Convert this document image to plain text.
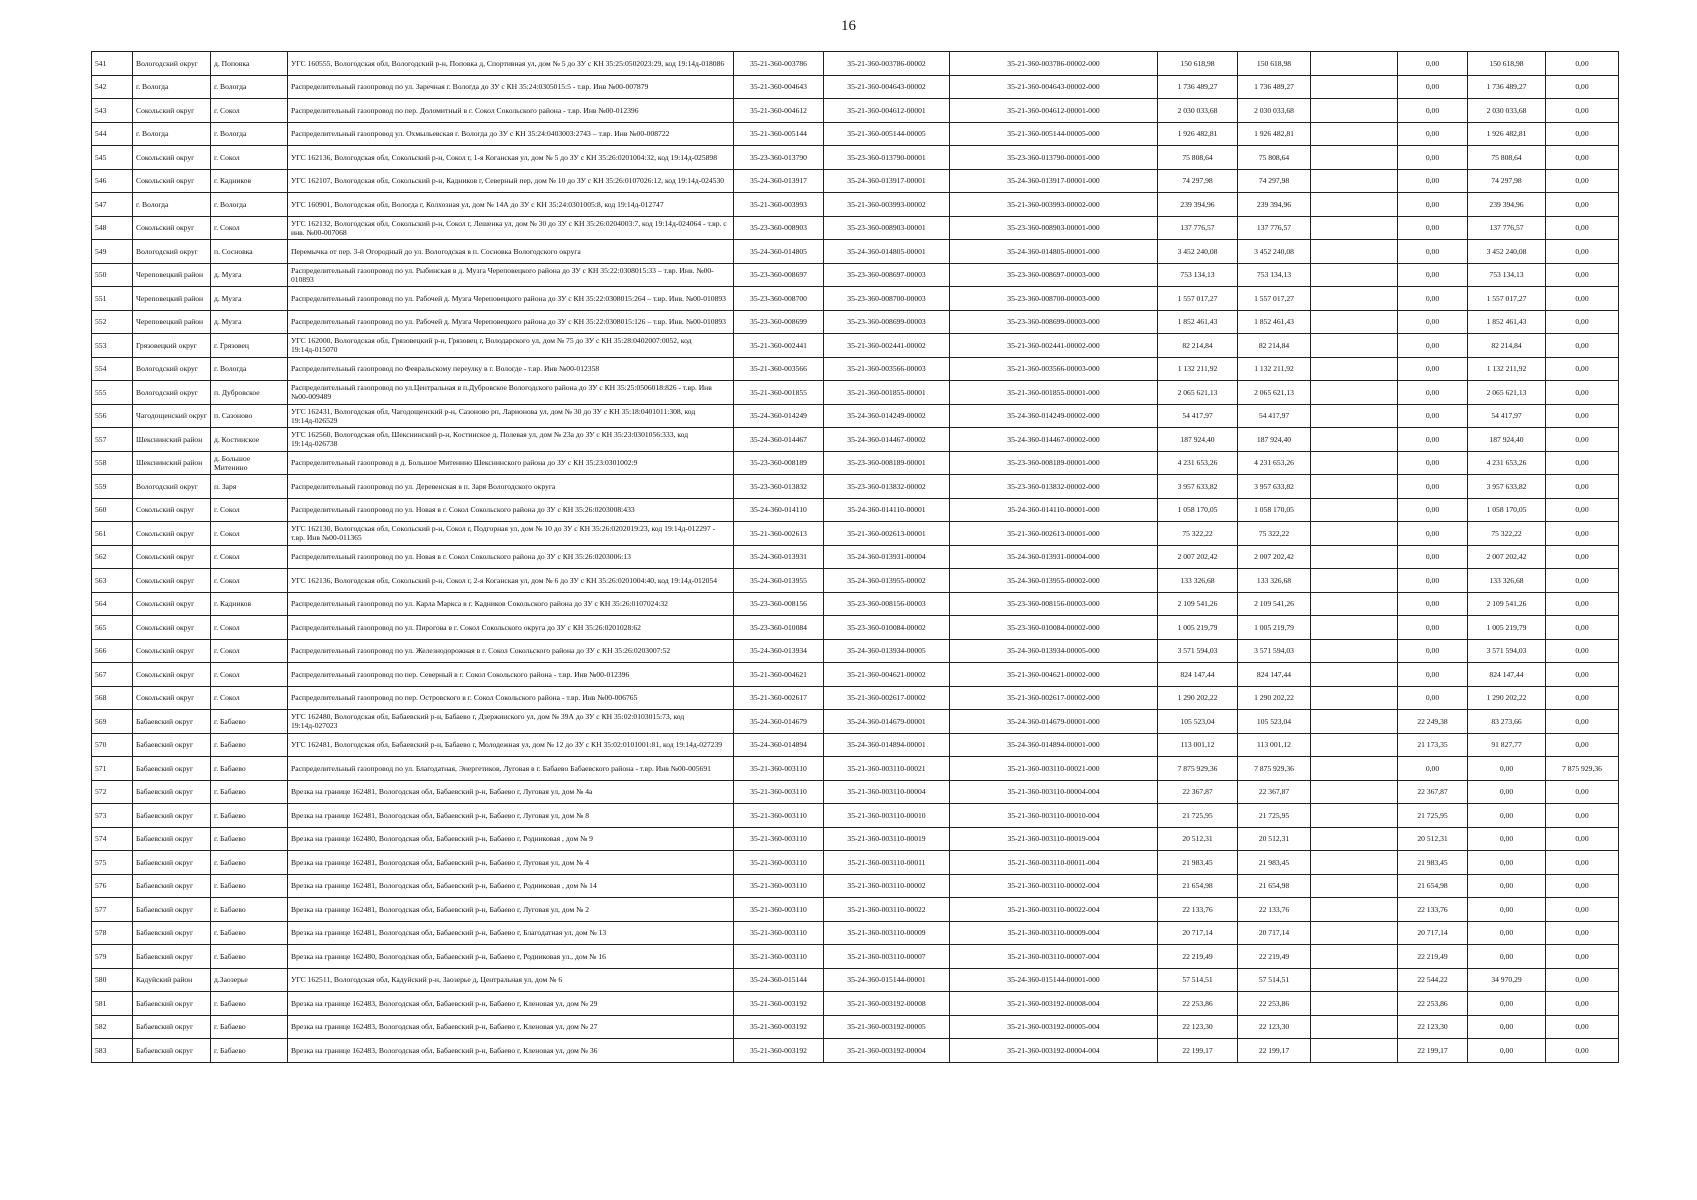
16
541	Вологодский округ	д. Поповка	УГС 160555, Вологодская обл, Вологодский р-н, Поповка д, Спортивная ул, дом № 5 до ЗУ с КН 35:25:0502023:29, код 19:14д-018086	35-21-360-003786	35-21-360-003786-00002	35-21-360-003786-00002-000	150 618,98	150 618,98		0,00	150 618,98	0,00
542	г. Вологда	г. Вологда	Распределительный газопровод по ул. Заречная г. Вологда до ЗУ с КН 35:24:0305015:5 - т.вр. Инв №00-007879	35-21-360-004643	35-21-360-004643-00002	35-21-360-004643-00002-000	1 736 489,27	1 736 489,27		0,00	1 736 489,27	0,00
543	Сокольский округ	г. Сокол	Распределительный газопровод по пер. Доломитный в г. Сокол Сокольского района - т.вр. Инв №00-012396	35-21-360-004612	35-21-360-004612-00001	35-21-360-004612-00001-000	2 030 033,68	2 030 033,68		0,00	2 030 033,68	0,00
544	г. Вологда	г. Вологда	Распределительный газопровод ул. Охмыльевская г. Вологда до ЗУ с КН 35:24:0403003:2743 – т.вр. Инв №00-008722	35-21-360-005144	35-21-360-005144-00005	35-21-360-005144-00005-000	1 926 482,81	1 926 482,81		0,00	1 926 482,81	0,00
545	Сокольский округ	г. Сокол	УГС 162136, Вологодская обл, Сокольский р-н, Сокол г, 1-я Коганская ул, дом № 5 до ЗУ с КН 35:26:0201004:32, код 19:14д-025898	35-23-360-013790	35-23-360-013790-00001	35-23-360-013790-00001-000	75 808,64	75 808,64		0,00	75 808,64	0,00
546	Сокольский округ	г. Кадников	УГС 162107, Вологодская обл, Сокольский р-н, Кадников г, Северный пер, дом № 10 до ЗУ с КН 35:26:0107026:12, код 19:14д-024530	35-24-360-013917	35-24-360-013917-00001	35-24-360-013917-00001-000	74 297,98	74 297,98		0,00	74 297,98	0,00
547	г. Вологда	г. Вологда	УГС 160901, Вологодская обл, Вологда г, Колхозная ул, дом № 14А до ЗУ с КН 35:24:0301005:8, код 19:14д-012747	35-21-360-003993	35-21-360-003993-00002	35-21-360-003993-00002-000	239 394,96	239 394,96		0,00	239 394,96	0,00
548	Сокольский округ	г. Сокол	УГС 162132, Вологодская обл, Сокольский р-н, Сокол г, Лешенка ул, дом № 30 до ЗУ с КН 35:26:0204003:7, код 19:14д-024064 - т.вр. с инв. №00-007068	35-23-360-008903	35-23-360-008903-00001	35-23-360-008903-00001-000	137 776,57	137 776,57		0,00	137 776,57	0,00
549	Вологодский округ	п. Сосновка	Перемычка от пер. 3-й Огородный до ул. Вологодская в п. Сосновка Вологодского округа	35-24-360-014805	35-24-360-014805-00001	35-24-360-014805-00001-000	3 452 240,08	3 452 240,08		0,00	3 452 240,08	0,00
550	Череповецкий район	д. Музга	Распределительный газопровод по ул. Рыбинская в д. Музга Череповецкого района до ЗУ с КН 35:22:0308015:33 – т.вр. Инв. №00-010893	35-23-360-008697	35-23-360-008697-00003	35-23-360-008697-00003-000	753 134,13	753 134,13		0,00	753 134,13	0,00
551	Череповецкий район	д. Музга	Распределительный газопровод по ул. Рабочей д. Музга Череповецкого района до ЗУ с КН 35:22:0308015:264 – т.вр. Инв. №00-010893	35-23-360-008700	35-23-360-008700-00003	35-23-360-008700-00003-000	1 557 017,27	1 557 017,27		0,00	1 557 017,27	0,00
552	Череповецкий район	д. Музга	Распределительный газопровод по ул. Рабочей д. Музга Череповецкого района до ЗУ с КН 35:22:0308015:126 – т.вр. Инв. №00-010893	35-23-360-008699	35-23-360-008699-00003	35-23-360-008699-00003-000	1 852 461,43	1 852 461,43		0,00	1 852 461,43	0,00
553	Грязовецкий округ	г. Грязовец	УГС 162000, Вологодская обл, Грязовецкий р-н, Грязовец г, Володарского ул, дом № 75 до ЗУ с КН 35:28:0402007:0052, код 19:14д-015070	35-21-360-002441	35-21-360-002441-00002	35-21-360-002441-00002-000	82 214,84	82 214,84		0,00	82 214,84	0,00
554	Вологодский округ	г. Вологда	Распределительный газопровод по Февральскому переулку в г. Вологде - т.вр. Инв №00-012358	35-21-360-003566	35-21-360-003566-00003	35-21-360-003566-00003-000	1 132 211,92	1 132 211,92		0,00	1 132 211,92	0,00
555	Вологодский округ	п. Дубровское	Распределительный газопровод по ул.Центральная в п.Дубровское Вологодского района до ЗУ с КН 35:25:0506018:826 - т.вр. Инв №00-009489	35-21-360-001855	35-21-360-001855-00001	35-21-360-001855-00001-000	2 065 621,13	2 065 621,13		0,00	2 065 621,13	0,00
556	Чагодощенский округ	п. Сазоново	УГС 162431, Вологодская обл, Чагодощенский р-н, Сазоново рп, Ларионова ул, дом № 30 до ЗУ с КН 35:18:0401011:308, код 19:14д-026529	35-24-360-014249	35-24-360-014249-00002	35-24-360-014249-00002-000	54 417,97	54 417,97		0,00	54 417,97	0,00
557	Шекснинский район	д. Костинское	УГС 162560, Вологодская обл, Шекснинский р-н, Костинское д, Полевая ул, дом № 23а до ЗУ с КН 35:23:0301056:333, код 19:14д-026738	35-24-360-014467	35-24-360-014467-00002	35-24-360-014467-00002-000	187 924,40	187 924,40		0,00	187 924,40	0,00
558	Шекснинский район	д. Большое Митенино	Распределительный газопровод в д. Большое Митенино Шекснинского района до ЗУ с КН 35:23:0301002:9	35-23-360-008189	35-23-360-008189-00001	35-23-360-008189-00001-000	4 231 653,26	4 231 653,26		0,00	4 231 653,26	0,00
559	Вологодский округ	п. Заря	Распределительный газопровод по ул. Деревенская в п. Заря Вологодского округа	35-23-360-013832	35-23-360-013832-00002	35-23-360-013832-00002-000	3 957 633,82	3 957 633,82		0,00	3 957 633,82	0,00
560	Сокольский округ	г. Сокол	Распределительный газопровод по ул. Новая в г. Сокол Сокольского района до ЗУ с КН 35:26:0203008:433	35-24-360-014110	35-24-360-014110-00001	35-24-360-014110-00001-000	1 058 170,05	1 058 170,05		0,00	1 058 170,05	0,00
561	Сокольский округ	г. Сокол	УГС 162130, Вологодская обл, Сокольский р-н, Сокол г, Подгорная ул, дом № 10 до ЗУ с КН 35:26:0202019:23, код 19:14д-012297 - т.вр. Инв №00-011365	35-21-360-002613	35-21-360-002613-00001	35-21-360-002613-00001-000	75 322,22	75 322,22		0,00	75 322,22	0,00
562	Сокольский округ	г. Сокол	Распределительный газопровод по ул. Новая в г. Сокол Сокольского района до ЗУ с КН 35:26:0203006:13	35-24-360-013931	35-24-360-013931-00004	35-24-360-013931-00004-000	2 007 202,42	2 007 202,42		0,00	2 007 202,42	0,00
563	Сокольский округ	г. Сокол	УГС 162136, Вологодская обл, Сокольский р-н, Сокол г, 2-я Коганская ул, дом № 6 до ЗУ с КН 35:26:0201004:40, код 19:14д-012054	35-24-360-013955	35-24-360-013955-00002	35-24-360-013955-00002-000	133 326,68	133 326,68		0,00	133 326,68	0,00
564	Сокольский округ	г. Кадников	Распределительный газопровод по ул. Карла Маркса в г. Кадников Сокольского района до ЗУ с КН 35:26:0107024:32	35-23-360-008156	35-23-360-008156-00003	35-23-360-008156-00003-000	2 109 541,26	2 109 541,26		0,00	2 109 541,26	0,00
565	Сокольский округ	г. Сокол	Распределительный газопровод по ул. Пирогова в г. Сокол Сокольского округа до ЗУ с КН 35:26:0201028:62	35-23-360-010084	35-23-360-010084-00002	35-23-360-010084-00002-000	1 005 219,79	1 005 219,79		0,00	1 005 219,79	0,00
566	Сокольский округ	г. Сокол	Распределительный газопровод по ул. Железнодорожная в г. Сокол Сокольского района до ЗУ с КН 35:26:0203007:52	35-24-360-013934	35-24-360-013934-00005	35-24-360-013934-00005-000	3 571 594,03	3 571 594,03		0,00	3 571 594,03	0,00
567	Сокольский округ	г. Сокол	Распределительный газопровод по пер. Северный в г. Сокол Сокольского района - т.вр. Инв №00-012396	35-21-360-004621	35-21-360-004621-00002	35-21-360-004621-00002-000	824 147,44	824 147,44		0,00	824 147,44	0,00
568	Сокольский округ	г. Сокол	Распределительный газопровод по пер. Островского в г. Сокол Сокольского района - т.вр. Инв №00-006765	35-21-360-002617	35-21-360-002617-00002	35-21-360-002617-00002-000	1 290 202,22	1 290 202,22		0,00	1 290 202,22	0,00
569	Бабаевский округ	г. Бабаево	УГС 162480, Вологодская обл, Бабаевский р-н, Бабаево г, Дзержинского ул, дом № 39А до ЗУ с КН 35:02:0103015:73, код 19:14д-027023	35-24-360-014679	35-24-360-014679-00001	35-24-360-014679-00001-000	105 523,04	105 523,04		22 249,38	83 273,66	0,00
570	Бабаевский округ	г. Бабаево	УГС 162481, Вологодская обл, Бабаевский р-н, Бабаево г, Молодежная ул, дом № 12 до ЗУ с КН 35:02:0101001:81, код 19:14д-027239	35-24-360-014894	35-24-360-014894-00001	35-24-360-014894-00001-000	113 001,12	113 001,12		21 173,35	91 827,77	0,00
571	Бабаевский округ	г. Бабаево	Распределительный газопровод по ул. Благодатная, Энергетиков, Луговая в г. Бабаево Бабаевского района - т.вр. Инв №00-005691	35-21-360-003110	35-21-360-003110-00021	35-21-360-003110-00021-000	7 875 929,36	7 875 929,36		0,00	0,00	7 875 929,36
572	Бабаевский округ	г. Бабаево	Врезка на границе 162481, Вологодская обл, Бабаевский р-н, Бабаево г, Луговая ул, дом № 4а	35-21-360-003110	35-21-360-003110-00004	35-21-360-003110-00004-004	22 367,87	22 367,87		22 367,87	0,00	0,00
573	Бабаевский округ	г. Бабаево	Врезка на границе 162481, Вологодская обл, Бабаевский р-н, Бабаево г, Луговая ул, дом № 8	35-21-360-003110	35-21-360-003110-00010	35-21-360-003110-00010-004	21 725,95	21 725,95		21 725,95	0,00	0,00
574	Бабаевский округ	г. Бабаево	Врезка на границе 162480, Вологодская обл, Бабаевский р-н, Бабаево г, Родниковая , дом № 9	35-21-360-003110	35-21-360-003110-00019	35-21-360-003110-00019-004	20 512,31	20 512,31		20 512,31	0,00	0,00
575	Бабаевский округ	г. Бабаево	Врезка на границе 162481, Вологодская обл, Бабаевский р-н, Бабаево г, Луговая ул, дом № 4	35-21-360-003110	35-21-360-003110-00011	35-21-360-003110-00011-004	21 983,45	21 983,45		21 983,45	0,00	0,00
576	Бабаевский округ	г. Бабаево	Врезка на границе 162481, Вологодская обл, Бабаевский р-н, Бабаево г, Родниковая , дом № 14	35-21-360-003110	35-21-360-003110-00002	35-21-360-003110-00002-004	21 654,98	21 654,98		21 654,98	0,00	0,00
577	Бабаевский округ	г. Бабаево	Врезка на границе 162481, Вологодская обл, Бабаевский р-н, Бабаево г, Луговая ул, дом № 2	35-21-360-003110	35-21-360-003110-00022	35-21-360-003110-00022-004	22 133,76	22 133,76		22 133,76	0,00	0,00
578	Бабаевский округ	г. Бабаево	Врезка на границе 162481, Вологодская обл, Бабаевский р-н, Бабаево г, Благодатная ул, дом № 13	35-21-360-003110	35-21-360-003110-00009	35-21-360-003110-00009-004	20 717,14	20 717,14		20 717,14	0,00	0,00
579	Бабаевский округ	г. Бабаево	Врезка на границе 162480, Вологодская обл, Бабаевский р-н, Бабаево г, Родниковая ул., дом № 16	35-21-360-003110	35-21-360-003110-00007	35-21-360-003110-00007-004	22 219,49	22 219,49		22 219,49	0,00	0,00
580	Кадуйский район	д.Заозерье	УГС 162511, Вологодская обл, Кадуйский р-н, Заозерье д, Центральная ул, дом № 6	35-24-360-015144	35-24-360-015144-00001	35-24-360-015144-00001-000	57 514,51	57 514,51		22 544,22	34 970,29	0,00
581	Бабаевский округ	г. Бабаево	Врезка на границе 162483, Вологодская обл, Бабаевский р-н, Бабаево г, Кленовая ул, дом № 29	35-21-360-003192	35-21-360-003192-00008	35-21-360-003192-00008-004	22 253,86	22 253,86		22 253,86	0,00	0,00
582	Бабаевский округ	г. Бабаево	Врезка на границе 162483, Вологодская обл, Бабаевский р-н, Бабаево г, Кленовая ул, дом № 27	35-21-360-003192	35-21-360-003192-00005	35-21-360-003192-00005-004	22 123,30	22 123,30		22 123,30	0,00	0,00
583	Бабаевский округ	г. Бабаево	Врезка на границе 162483, Вологодская обл, Бабаевский р-н, Бабаево г, Кленовая ул, дом № 36	35-21-360-003192	35-21-360-003192-00004	35-21-360-003192-00004-004	22 199,17	22 199,17		22 199,17	0,00	0,00
